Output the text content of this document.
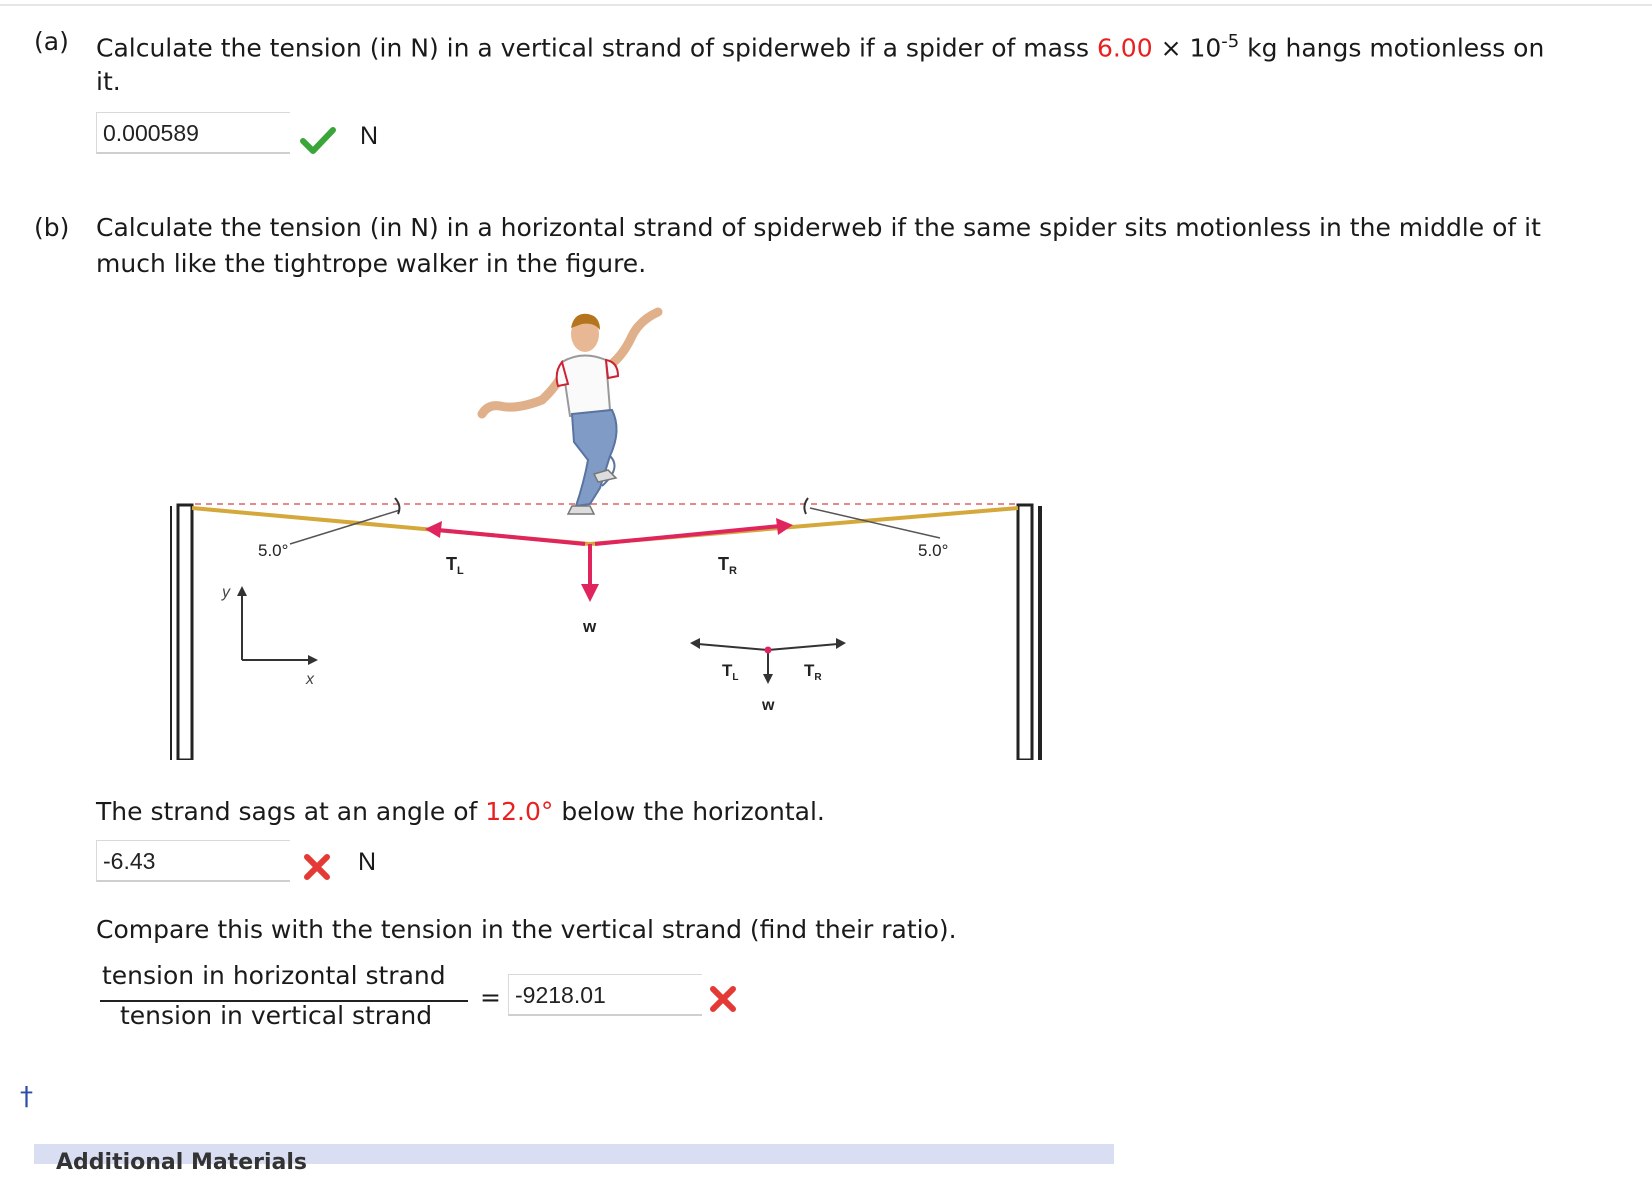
(a) Calculate the tension (in N) in a vertical strand of spiderweb if a spider of mass $6.00 \times 10^{-5}$ kg hangs motionless on
it.
0.000589	N
(b) Calculate the tension (in N) in a horizontal strand of spiderweb if the same spider sits motionless in the middle of it
much like the tightrope walker in the figure.
5.0°	5.0°
$T_L$	$T_R$
w
y
x	$T_L$	$T_R$
w
The strand sags at an angle of 12.0° below the horizontal.
-6.43	N
Compare this with the tension in the vertical strand (find their ratio).
tension in horizontal strand
tension in vertical strand
= -9218.01
†
Additional Materials
